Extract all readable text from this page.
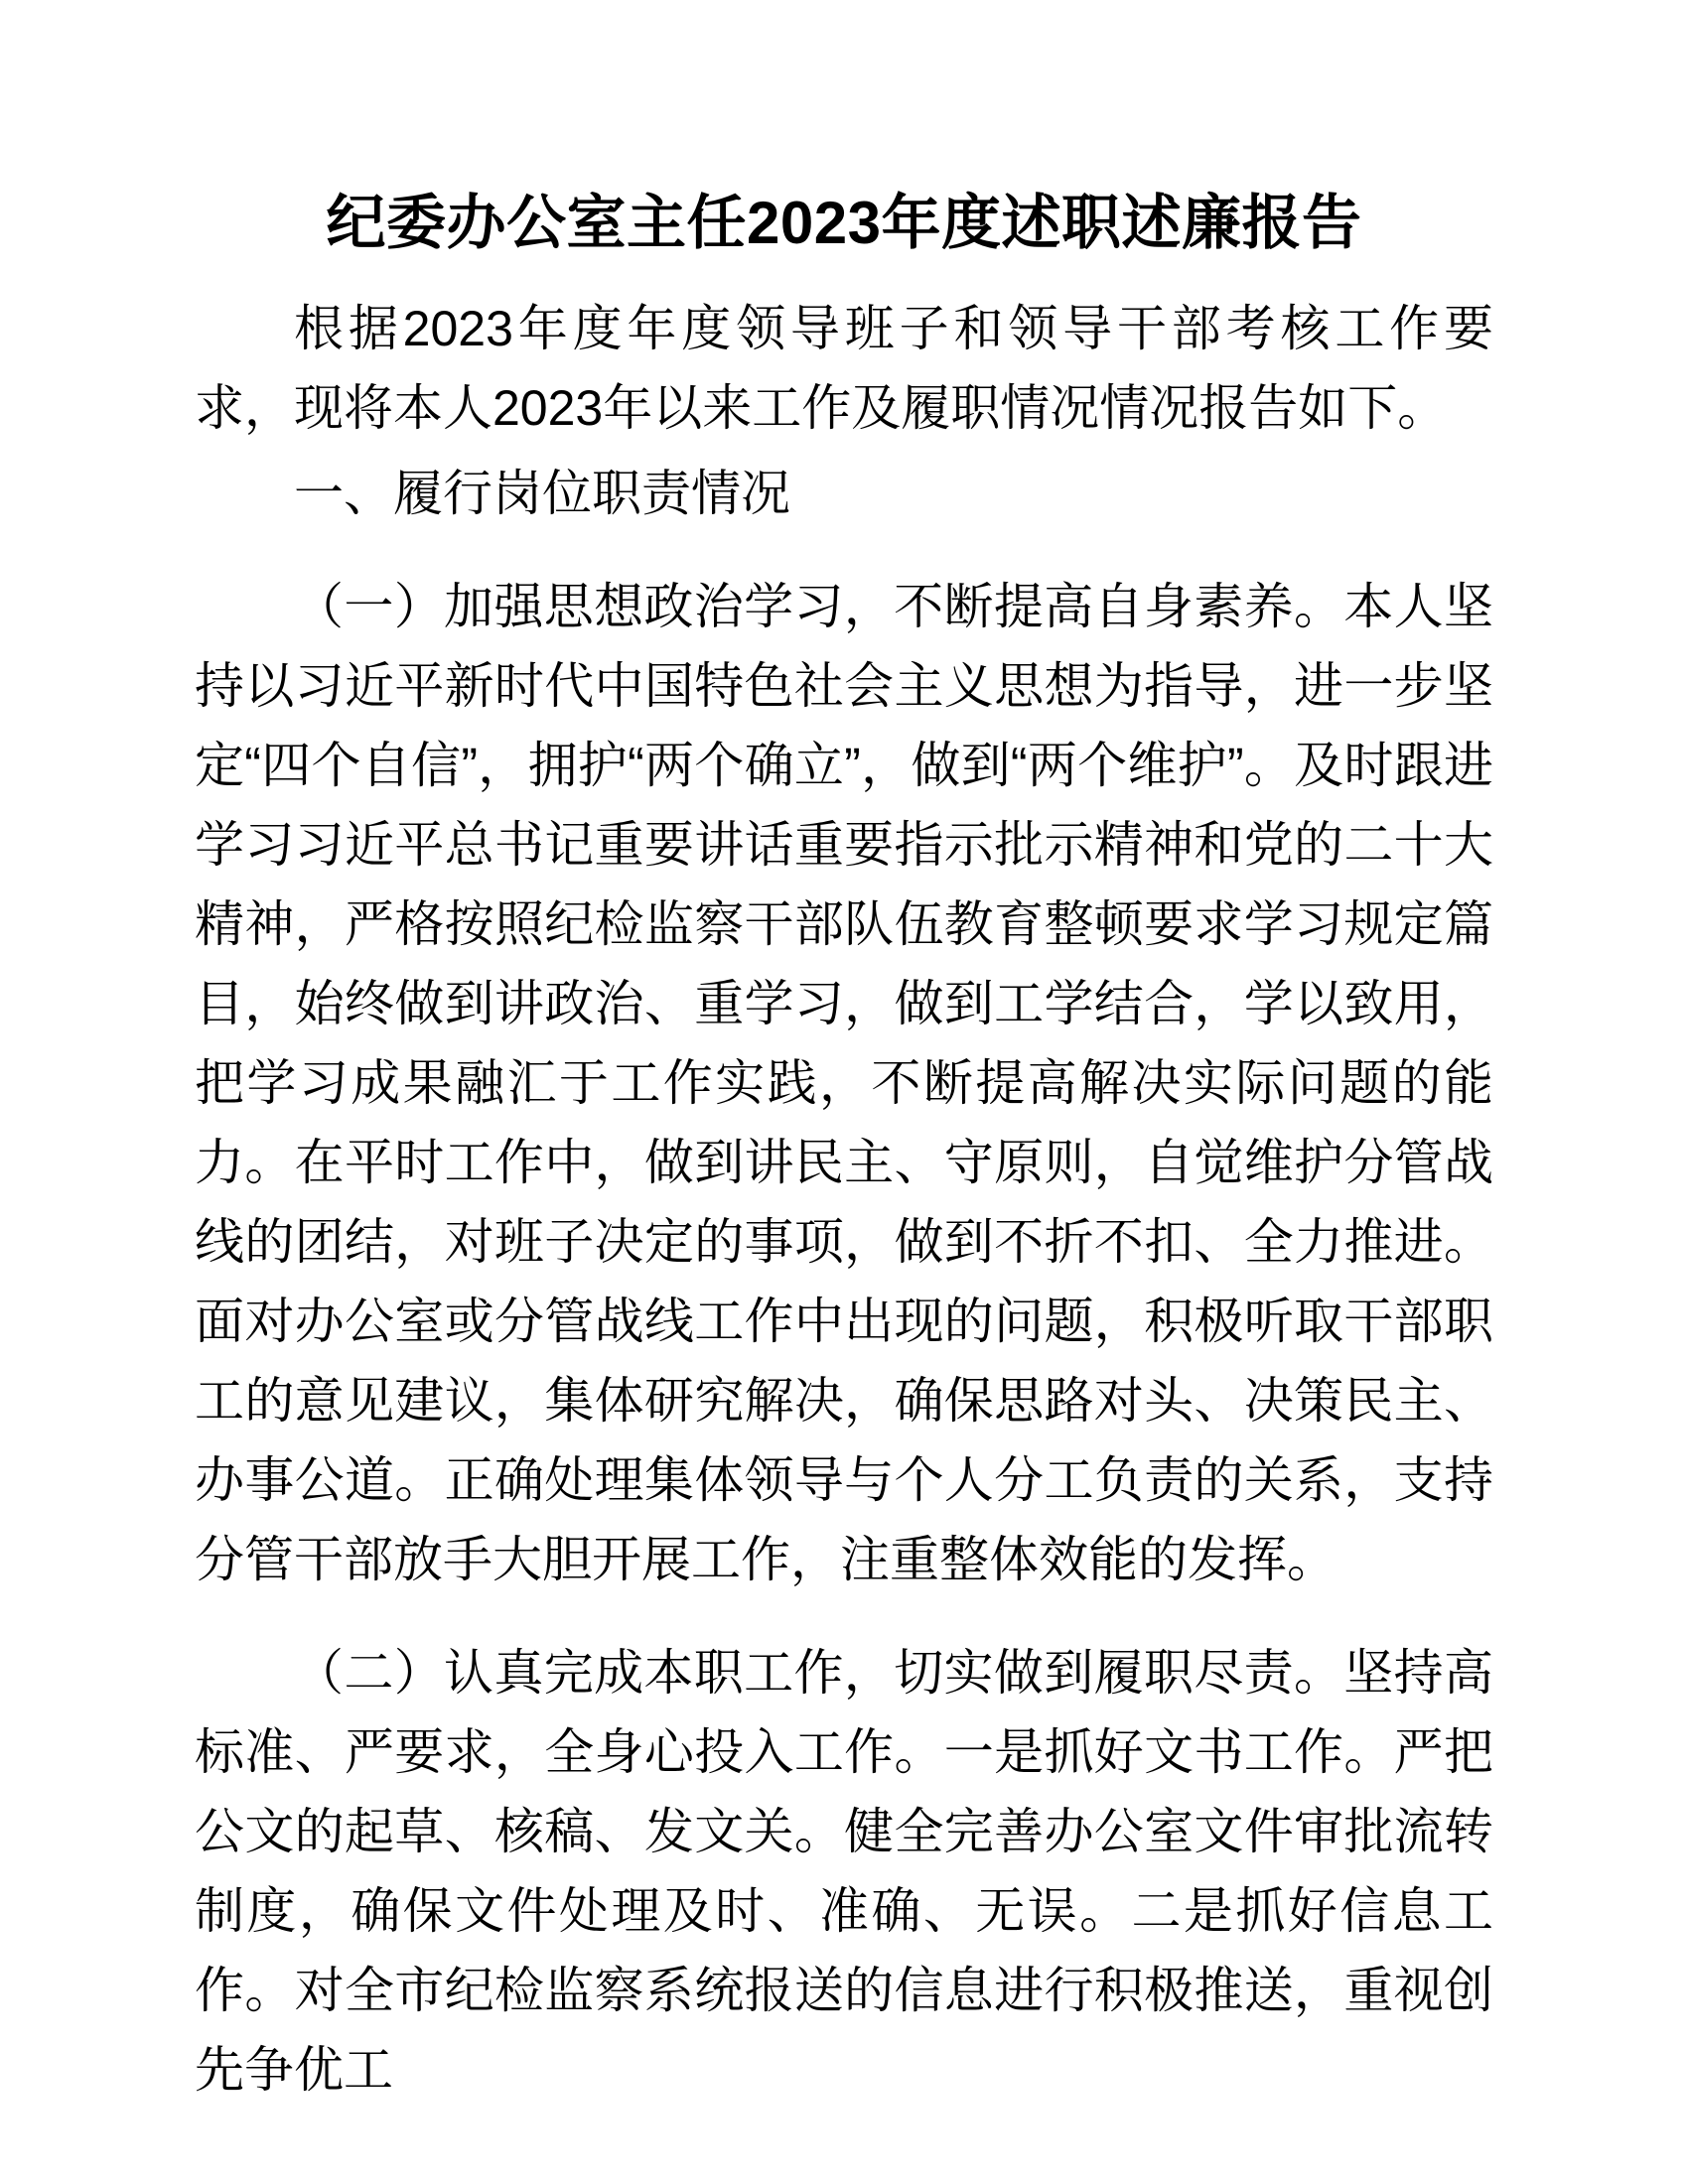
纪委办公室主任2023年度述职述廉报告

根据2023年度年度领导班子和领导干部考核工作要求，现将本人2023年以来工作及履职情况情况报告如下。

一、履行岗位职责情况

（一）加强思想政治学习，不断提高自身素养。本人坚持以习近平新时代中国特色社会主义思想为指导，进一步坚定“四个自信”，拥护“两个确立”，做到“两个维护”。及时跟进学习习近平总书记重要讲话重要指示批示精神和党的二十大精神，严格按照纪检监察干部队伍教育整顿要求学习规定篇目，始终做到讲政治、重学习，做到工学结合，学以致用，把学习成果融汇于工作实践，不断提高解决实际问题的能力。在平时工作中，做到讲民主、守原则，自觉维护分管战线的团结，对班子决定的事项，做到不折不扣、全力推进。面对办公室或分管战线工作中出现的问题，积极听取干部职工的意见建议，集体研究解决，确保思路对头、决策民主、办事公道。正确处理集体领导与个人分工负责的关系，支持分管干部放手大胆开展工作，注重整体效能的发挥。

（二）认真完成本职工作，切实做到履职尽责。坚持高标准、严要求，全身心投入工作。一是抓好文书工作。严把公文的起草、核稿、发文关。健全完善办公室文件审批流转制度，确保文件处理及时、准确、无误。二是抓好信息工作。对全市纪检监察系统报送的信息进行积极推送，重视创先争优工
